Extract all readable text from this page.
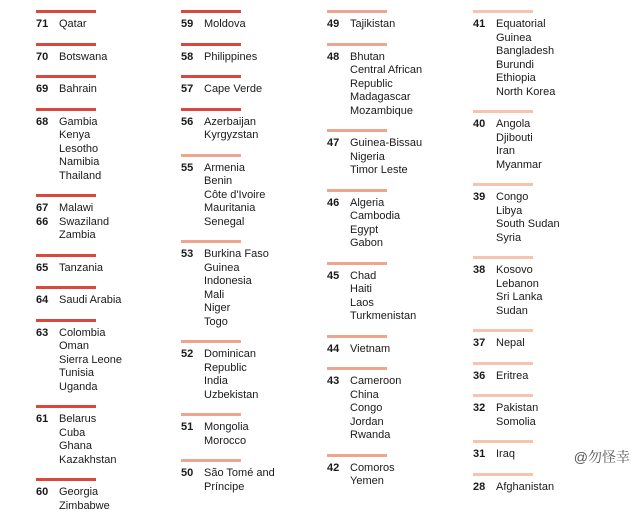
71 Qatar
70 Botswana
69 Bahrain
68 Gambia
Kenya
Lesotho
Namibia
Thailand
67 Malawi
66 Swaziland
Zambia
65 Tanzania
64 Saudi Arabia
63 Colombia
Oman
Sierra Leone
Tunisia
Uganda
61 Belarus
Cuba
Ghana
Kazakhstan
60 Georgia
Zimbabwe
59 Moldova
58 Philippines
57 Cape Verde
56 Azerbaijan
Kyrgyzstan
55 Armenia
Benin
Côte d'Ivoire
Mauritania
Senegal
53 Burkina Faso
Guinea
Indonesia
Mali
Niger
Togo
52 Dominican
Republic
India
Uzbekistan
51 Mongolia
Morocco
50 São Tomé and
Príncipe
49 Tajikistan
48 Bhutan
Central African
Republic
Madagascar
Mozambique
47 Guinea-Bissau
Nigeria
Timor Leste
46 Algeria
Cambodia
Egypt
Gabon
45 Chad
Haiti
Laos
Turkmenistan
44 Vietnam
43 Cameroon
China
Congo
Jordan
Rwanda
42 Comoros
Yemen
41 Equatorial
Guinea
Bangladesh
Burundi
Ethiopia
North Korea
40 Angola
Djibouti
Iran
Myanmar
39 Congo
Libya
South Sudan
Syria
38 Kosovo
Lebanon
Sri Lanka
Sudan
37 Nepal
36 Eritrea
32 Pakistan
Somolia
31 Iraq
28 Afghanistan
@勿怪幸
